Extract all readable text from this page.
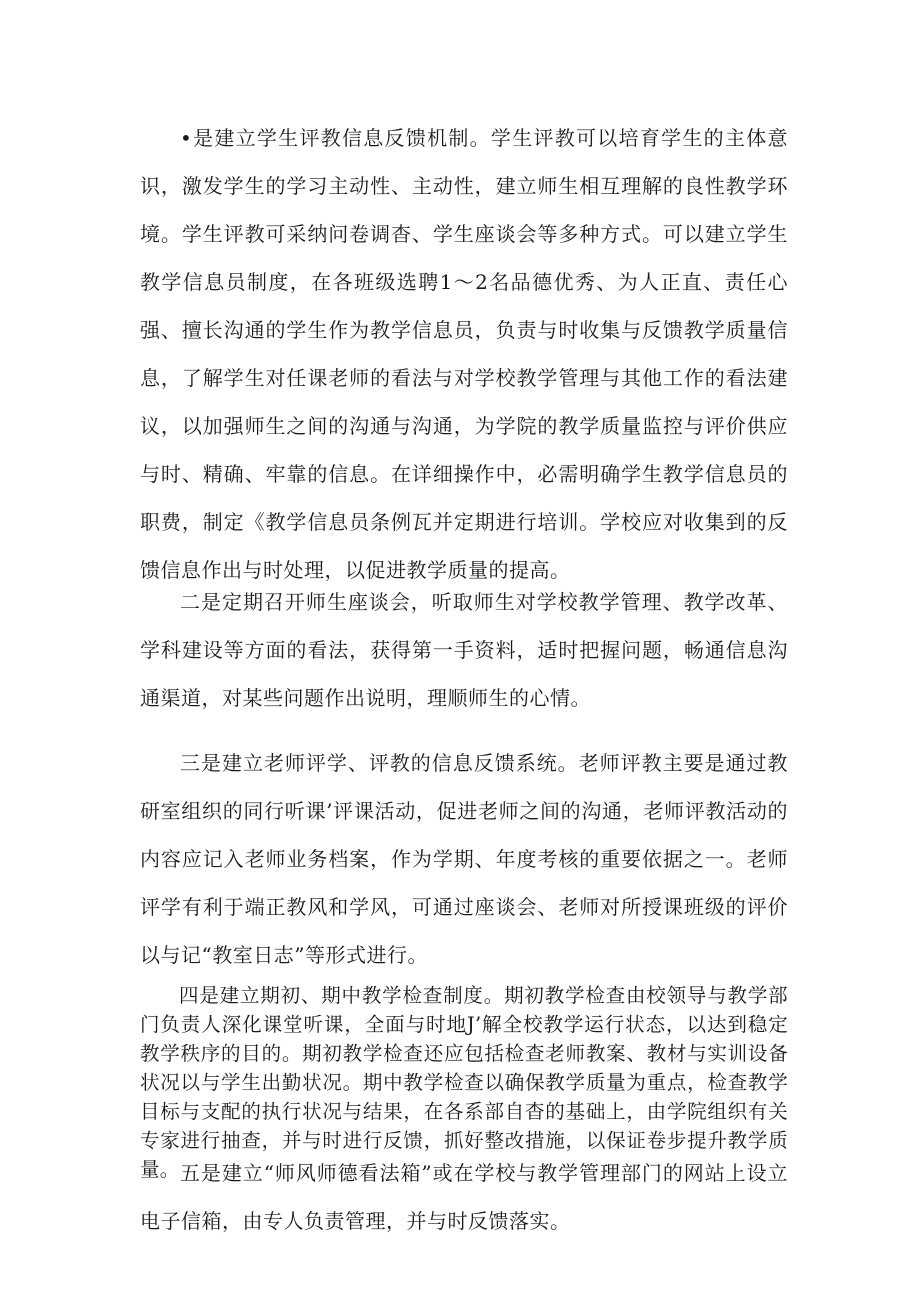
•是建立学生评教信息反馈机制。学生评教可以培育学生的主体意识，激发学生的学习主动性、主动性，建立师生相互理解的良性教学环境。学生评教可采纳问卷调杳、学生座谈会等多种方式。可以建立学生教学信息员制度，在各班级选聘1～2名品德优秀、为人正直、责任心强、擅长沟通的学生作为教学信息员，负责与时收集与反馈教学质量信息，了解学生对任课老师的看法与对学校教学管理与其他工作的看法建议，以加强师生之间的沟通与沟通，为学院的教学质量监控与评价供应与时、精确、牢靠的信息。在详细操作中，必需明确学生教学信息员的职费，制定《教学信息员条例瓦并定期进行培训。学校应对收集到的反馈信息作出与时处理，以促进教学质量的提高。

二是定期召开师生座谈会，听取师生对学校教学管理、教学改革、学科建设等方面的看法，获得第一手资料，适时把握问题，畅通信息沟通渠道，对某些问题作出说明，理顺师生的心情。

三是建立老师评学、评教的信息反馈系统。老师评教主要是通过教研室组织的同行听课’评课活动，促进老师之间的沟通，老师评教活动的内容应记入老师业务档案，作为学期、年度考核的重要依据之一。老师评学有利于端正教风和学风，可通过座谈会、老师对所授课班级的评价以与记“教室日志”等形式进行。

四是建立期初、期中教学检查制度。期初教学检查由校领导与教学部门负责人深化课堂听课，全面与时地J’解全校教学运行状态，以达到稳定教学秩序的目的。期初教学检查还应包括检查老师教案、教材与实训设备状况以与学生出勤状况。期中教学检查以确保教学质量为重点，检查教学目标与支配的执行状况与结果，在各系部自杳的基础上，由学院组织有关专家进行抽查，并与时进行反馈，抓好整改措施，以保证卷步提升教学质量。 五是建立“师风师德看法箱”或在学校与教学管理部门的网站上设立电子信箱，由专人负责管理，并与时反馈落实。
